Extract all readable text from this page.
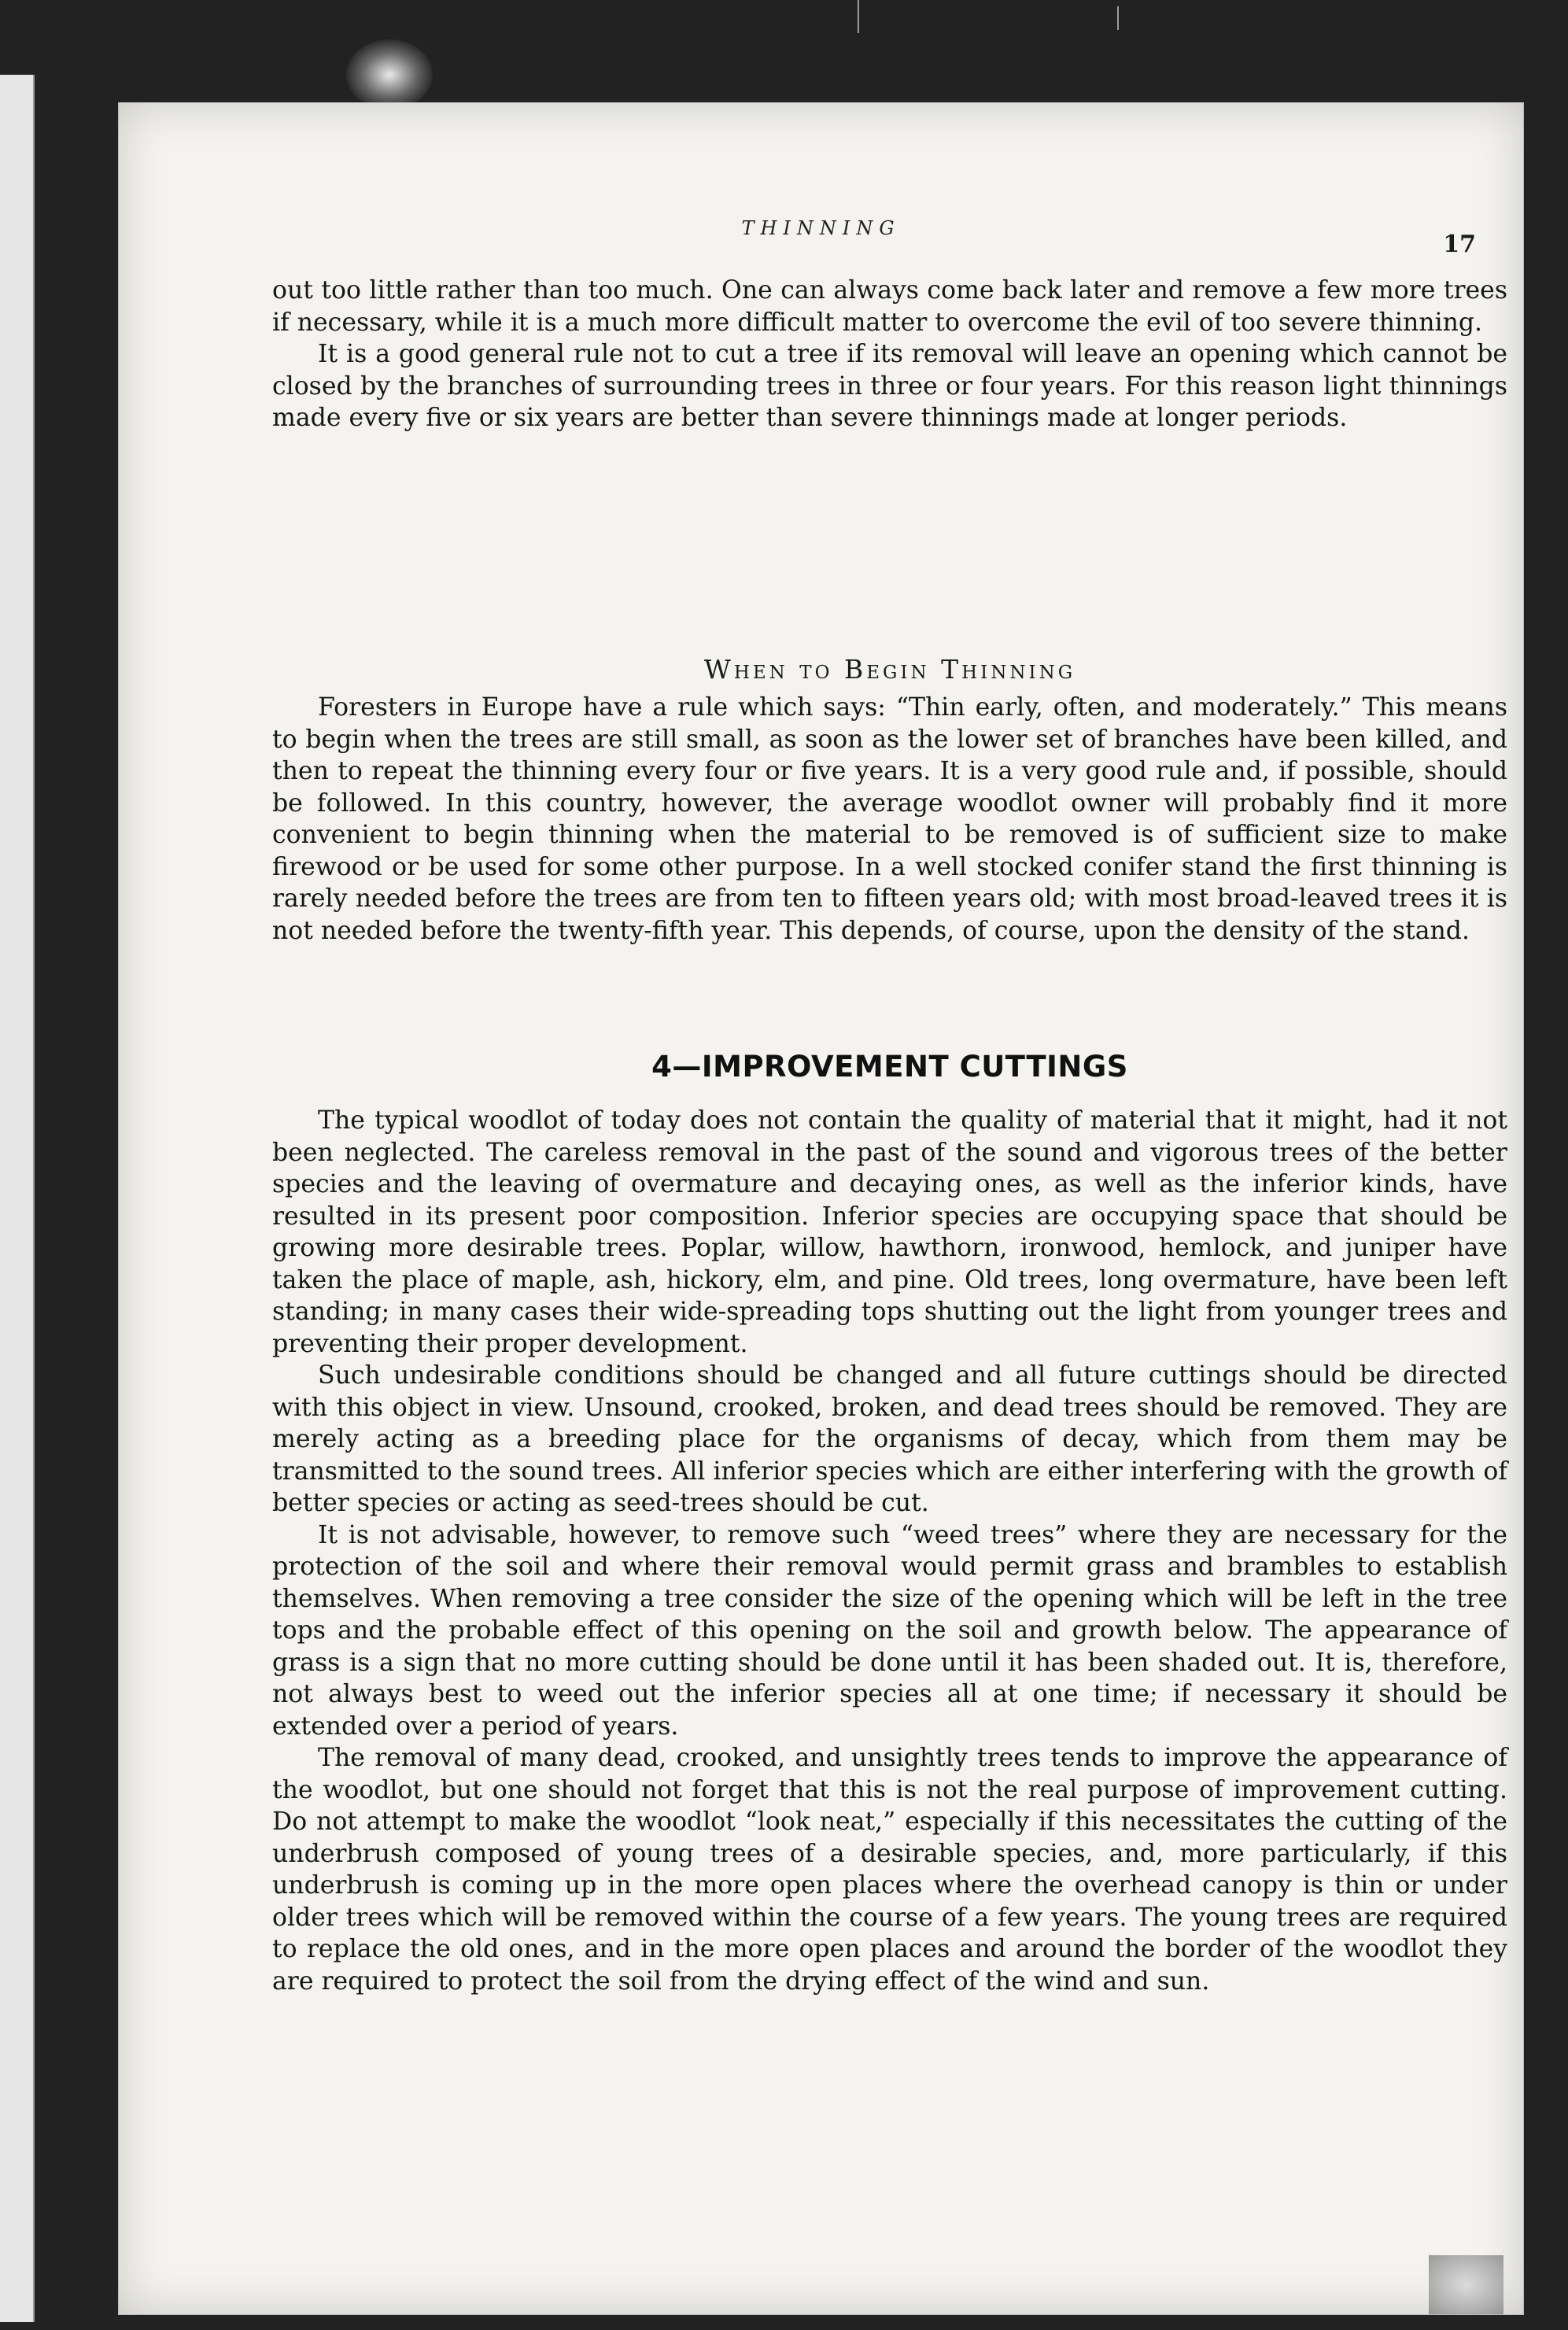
THINNING
17

out too little rather than too much. One can always come back later and remove a few more trees if necessary, while it is a much more difficult matter to overcome the evil of too severe thinning.

It is a good general rule not to cut a tree if its removal will leave an opening which cannot be closed by the branches of surrounding trees in three or four years. For this reason light thinnings made every five or six years are better than severe thinnings made at longer periods.

When to Begin Thinning

Foresters in Europe have a rule which says: “Thin early, often, and moderately.” This means to begin when the trees are still small, as soon as the lower set of branches have been killed, and then to repeat the thinning every four or five years. It is a very good rule and, if possible, should be followed. In this country, however, the average woodlot owner will probably find it more convenient to begin thinning when the material to be removed is of sufficient size to make firewood or be used for some other purpose. In a well stocked conifer stand the first thinning is rarely needed before the trees are from ten to fifteen years old; with most broad-leaved trees it is not needed before the twenty-fifth year. This depends, of course, upon the density of the stand.

4—IMPROVEMENT CUTTINGS

The typical woodlot of today does not contain the quality of material that it might, had it not been neglected. The careless removal in the past of the sound and vigorous trees of the better species and the leaving of overmature and decaying ones, as well as the inferior kinds, have resulted in its present poor composition. Inferior species are occupying space that should be growing more desirable trees. Poplar, willow, hawthorn, ironwood, hemlock, and juniper have taken the place of maple, ash, hickory, elm, and pine. Old trees, long overmature, have been left standing; in many cases their wide-spreading tops shutting out the light from younger trees and preventing their proper development.

Such undesirable conditions should be changed and all future cuttings should be directed with this object in view. Unsound, crooked, broken, and dead trees should be removed. They are merely acting as a breeding place for the organisms of decay, which from them may be transmitted to the sound trees. All inferior species which are either interfering with the growth of better species or acting as seed-trees should be cut.

It is not advisable, however, to remove such “weed trees” where they are necessary for the protection of the soil and where their removal would permit grass and brambles to establish themselves. When removing a tree consider the size of the opening which will be left in the tree tops and the probable effect of this opening on the soil and growth below. The appearance of grass is a sign that no more cutting should be done until it has been shaded out. It is, therefore, not always best to weed out the inferior species all at one time; if necessary it should be extended over a period of years.

The removal of many dead, crooked, and unsightly trees tends to improve the appearance of the woodlot, but one should not forget that this is not the real purpose of improvement cutting. Do not attempt to make the woodlot “look neat,” especially if this necessitates the cutting of the underbrush composed of young trees of a desirable species, and, more particularly, if this underbrush is coming up in the more open places where the overhead canopy is thin or under older trees which will be removed within the course of a few years. The young trees are required to replace the old ones, and in the more open places and around the border of the woodlot they are required to protect the soil from the drying effect of the wind and sun.
